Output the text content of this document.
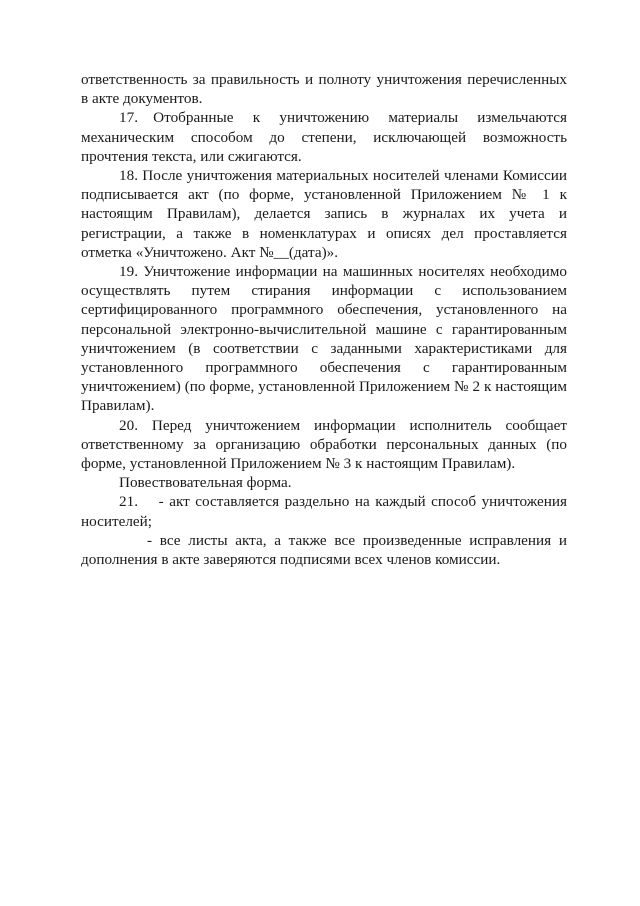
ответственность за правильность и полноту уничтожения перечисленных в акте документов.

17. Отобранные к уничтожению материалы измельчаются механическим способом до степени, исключающей возможность прочтения текста, или сжигаются.

18. После уничтожения материальных носителей членами Комиссии подписывается акт (по форме, установленной Приложением № 1 к настоящим Правилам), делается запись в журналах их учета и регистрации, а также в номенклатурах и описях дел проставляется отметка «Уничтожено. Акт №__(дата)».

19. Уничтожение информации на машинных носителях необходимо осуществлять путем стирания информации с использованием сертифицированного программного обеспечения, установленного на персональной электронно-вычислительной машине с гарантированным уничтожением (в соответствии с заданными характеристиками для установленного программного обеспечения с гарантированным уничтожением) (по форме, установленной Приложением № 2 к настоящим Правилам).

20. Перед уничтожением информации исполнитель сообщает ответственному за организацию обработки персональных данных (по форме, установленной Приложением № 3 к настоящим Правилам).

Повествовательная форма.

21.  - акт составляется раздельно на каждый способ уничтожения носителей;

- все листы акта, а также все произведенные исправления и дополнения в акте заверяются подписями всех членов комиссии.
